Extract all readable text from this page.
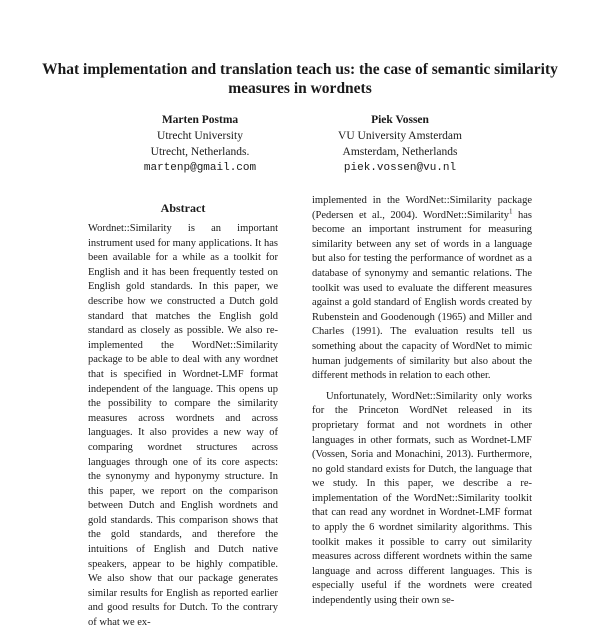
What implementation and translation teach us: the case of semantic similarity measures in wordnets
Marten Postma
Utrecht University
Utrecht, Netherlands.
martenp@gmail.com
Piek Vossen
VU University Amsterdam
Amsterdam, Netherlands
piek.vossen@vu.nl
Abstract

Wordnet::Similarity is an important instrument used for many applications. It has been available for a while as a toolkit for English and it has been frequently tested on English gold standards. In this paper, we describe how we constructed a Dutch gold standard that matches the English gold standard as closely as possible. We also re-implemented the WordNet::Similarity package to be able to deal with any wordnet that is specified in Wordnet-LMF format independent of the language. This opens up the possibility to compare the similarity measures across wordnets and across languages. It also provides a new way of comparing wordnet structures across languages through one of its core aspects: the synonymy and hyponymy structure. In this paper, we report on the comparison between Dutch and English wordnets and gold standards. This comparison shows that the gold standards, and therefore the intuitions of English and Dutch native speakers, appear to be highly compatible. We also show that our package generates similar results for English as reported earlier and good results for Dutch. To the contrary of what we ex-

implemented in the WordNet::Similarity package (Pedersen et al., 2004). WordNet::Similarity$^1$ has become an important instrument for measuring similarity between any set of words in a language but also for testing the performance of wordnet as a database of synonymy and semantic relations. The toolkit was used to evaluate the different measures against a gold standard of English words created by Rubenstein and Goodenough (1965) and Miller and Charles (1991). The evaluation results tell us something about the capacity of WordNet to mimic human judgements of similarity but also about the different methods in relation to each other.

Unfortunately, WordNet::Similarity only works for the Princeton WordNet released in its proprietary format and not wordnets in other languages in other formats, such as Wordnet-LMF (Vossen, Soria and Monachini, 2013). Furthermore, no gold standard exists for Dutch, the language that we study. In this paper, we describe a re-implementation of the WordNet::Similarity toolkit that can read any wordnet in Wordnet-LMF format to apply the 6 wordnet similarity algorithms. This toolkit makes it possible to carry out similarity measures across different wordnets within the same language and across different languages. This is especially useful if the wordnets were created independently using their own se-
